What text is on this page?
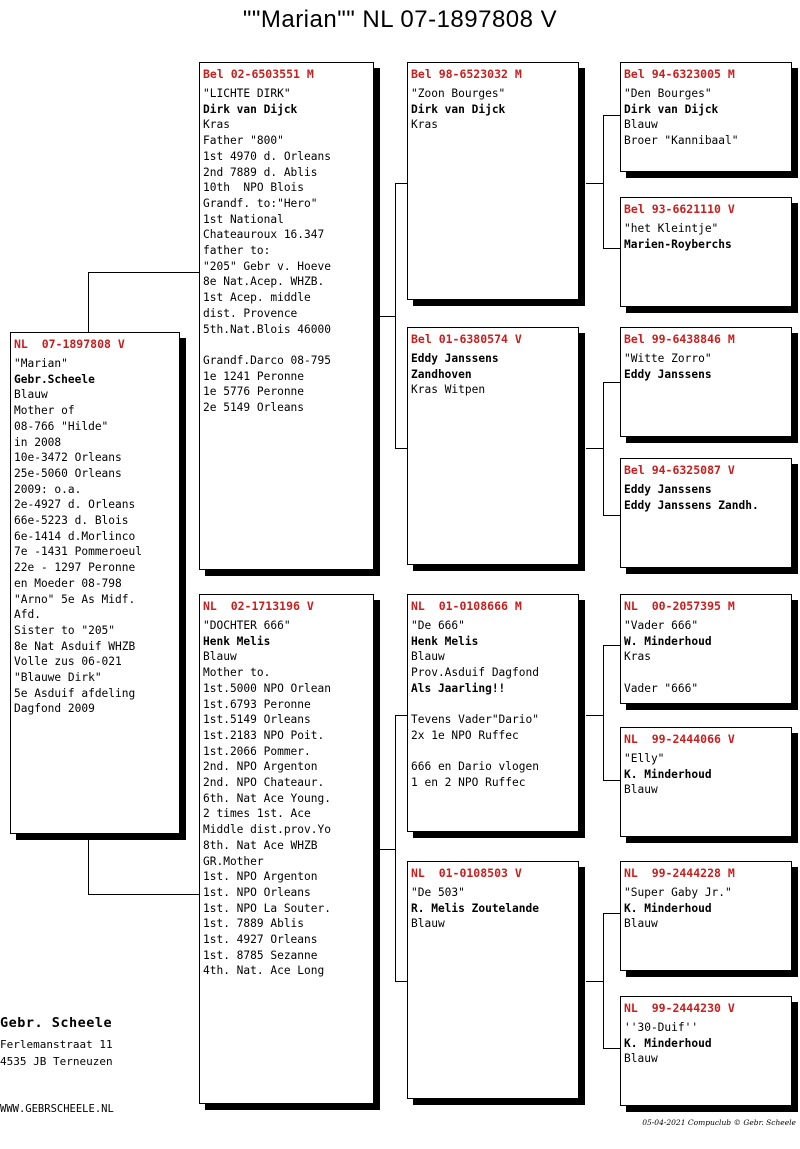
""Marian"" NL 07-1897808 V
NL  07-1897808 V
"Marian"
Gebr.Scheele
Blauw
Mother of
08-766 "Hilde"
in 2008
10e-3472 Orleans
25e-5060 Orleans
2009: o.a.
2e-4927 d. Orleans
66e-5223 d. Blois
6e-1414 d.Morlinco
7e -1431 Pommeroeul
22e - 1297 Peronne
en Moeder 08-798
"Arno" 5e As Midf.
Afd.
Sister to "205"
8e Nat Asduif WHZB
Volle zus 06-021
"Blauwe Dirk"
5e Asduif afdeling
Dagfond 2009
Bel 02-6503551 M
"LICHTE DIRK"
Dirk van Dijck
Kras
Father "800"
1st 4970 d. Orleans
2nd 7889 d. Ablis
10th  NPO Blois
Grandf. to:"Hero"
1st National
Chateauroux 16.347
father to:
"205" Gebr v. Hoeve
8e Nat.Acep. WHZB.
1st Acep. middle
dist. Provence
5th.Nat.Blois 46000
Grandf.Darco 08-795
1e 1241 Peronne
1e 5776 Peronne
2e 5149 Orleans
NL  02-1713196 V
"DOCHTER 666"
Henk Melis
Blauw
Mother to.
1st.5000 NPO Orlean
1st.6793 Peronne
1st.5149 Orleans
1st.2183 NPO Poit.
1st.2066 Pommer.
2nd. NPO Argenton
2nd. NPO Chateaur.
6th. Nat Ace Young.
2 times 1st. Ace
Middle dist.prov.Yo
8th. Nat Ace WHZB
GR.Mother
1st. NPO Argenton
1st. NPO Orleans
1st. NPO La Souter.
1st. 7889 Ablis
1st. 4927 Orleans
1st. 8785 Sezanne
4th. Nat. Ace Long
Bel 98-6523032 M
"Zoon Bourges"
Dirk van Dijck
Kras
Bel 01-6380574 V
Eddy Janssens
Zandhoven
Kras Witpen
NL  01-0108666 M
"De 666"
Henk Melis
Blauw
Prov.Asduif Dagfond
Als Jaarling!!
Tevens Vader"Dario"
2x 1e NPO Ruffec
666 en Dario vlogen
1 en 2 NPO Ruffec
NL  01-0108503 V
"De 503"
R. Melis Zoutelande
Blauw
Bel 94-6323005 M
"Den Bourges"
Dirk van Dijck
Blauw
Broer "Kannibaal"
Bel 93-6621110 V
"het Kleintje"
Marien-Royberchs
Bel 99-6438846 M
"Witte Zorro"
Eddy Janssens
Bel 94-6325087 V
Eddy Janssens
Eddy Janssens Zandh.
NL  00-2057395 M
"Vader 666"
W. Minderhoud
Kras
Vader "666"
NL  99-2444066 V
"Elly"
K. Minderhoud
Blauw
NL  99-2444228 M
"Super Gaby Jr."
K. Minderhoud
Blauw
NL  99-2444230 V
''30-Duif''
K. Minderhoud
Blauw
Gebr. Scheele
Ferlemanstraat 11
4535 JB Terneuzen
WWW.GEBRSCHEELE.NL
05-04-2021 Compuclub © Gebr. Scheele
